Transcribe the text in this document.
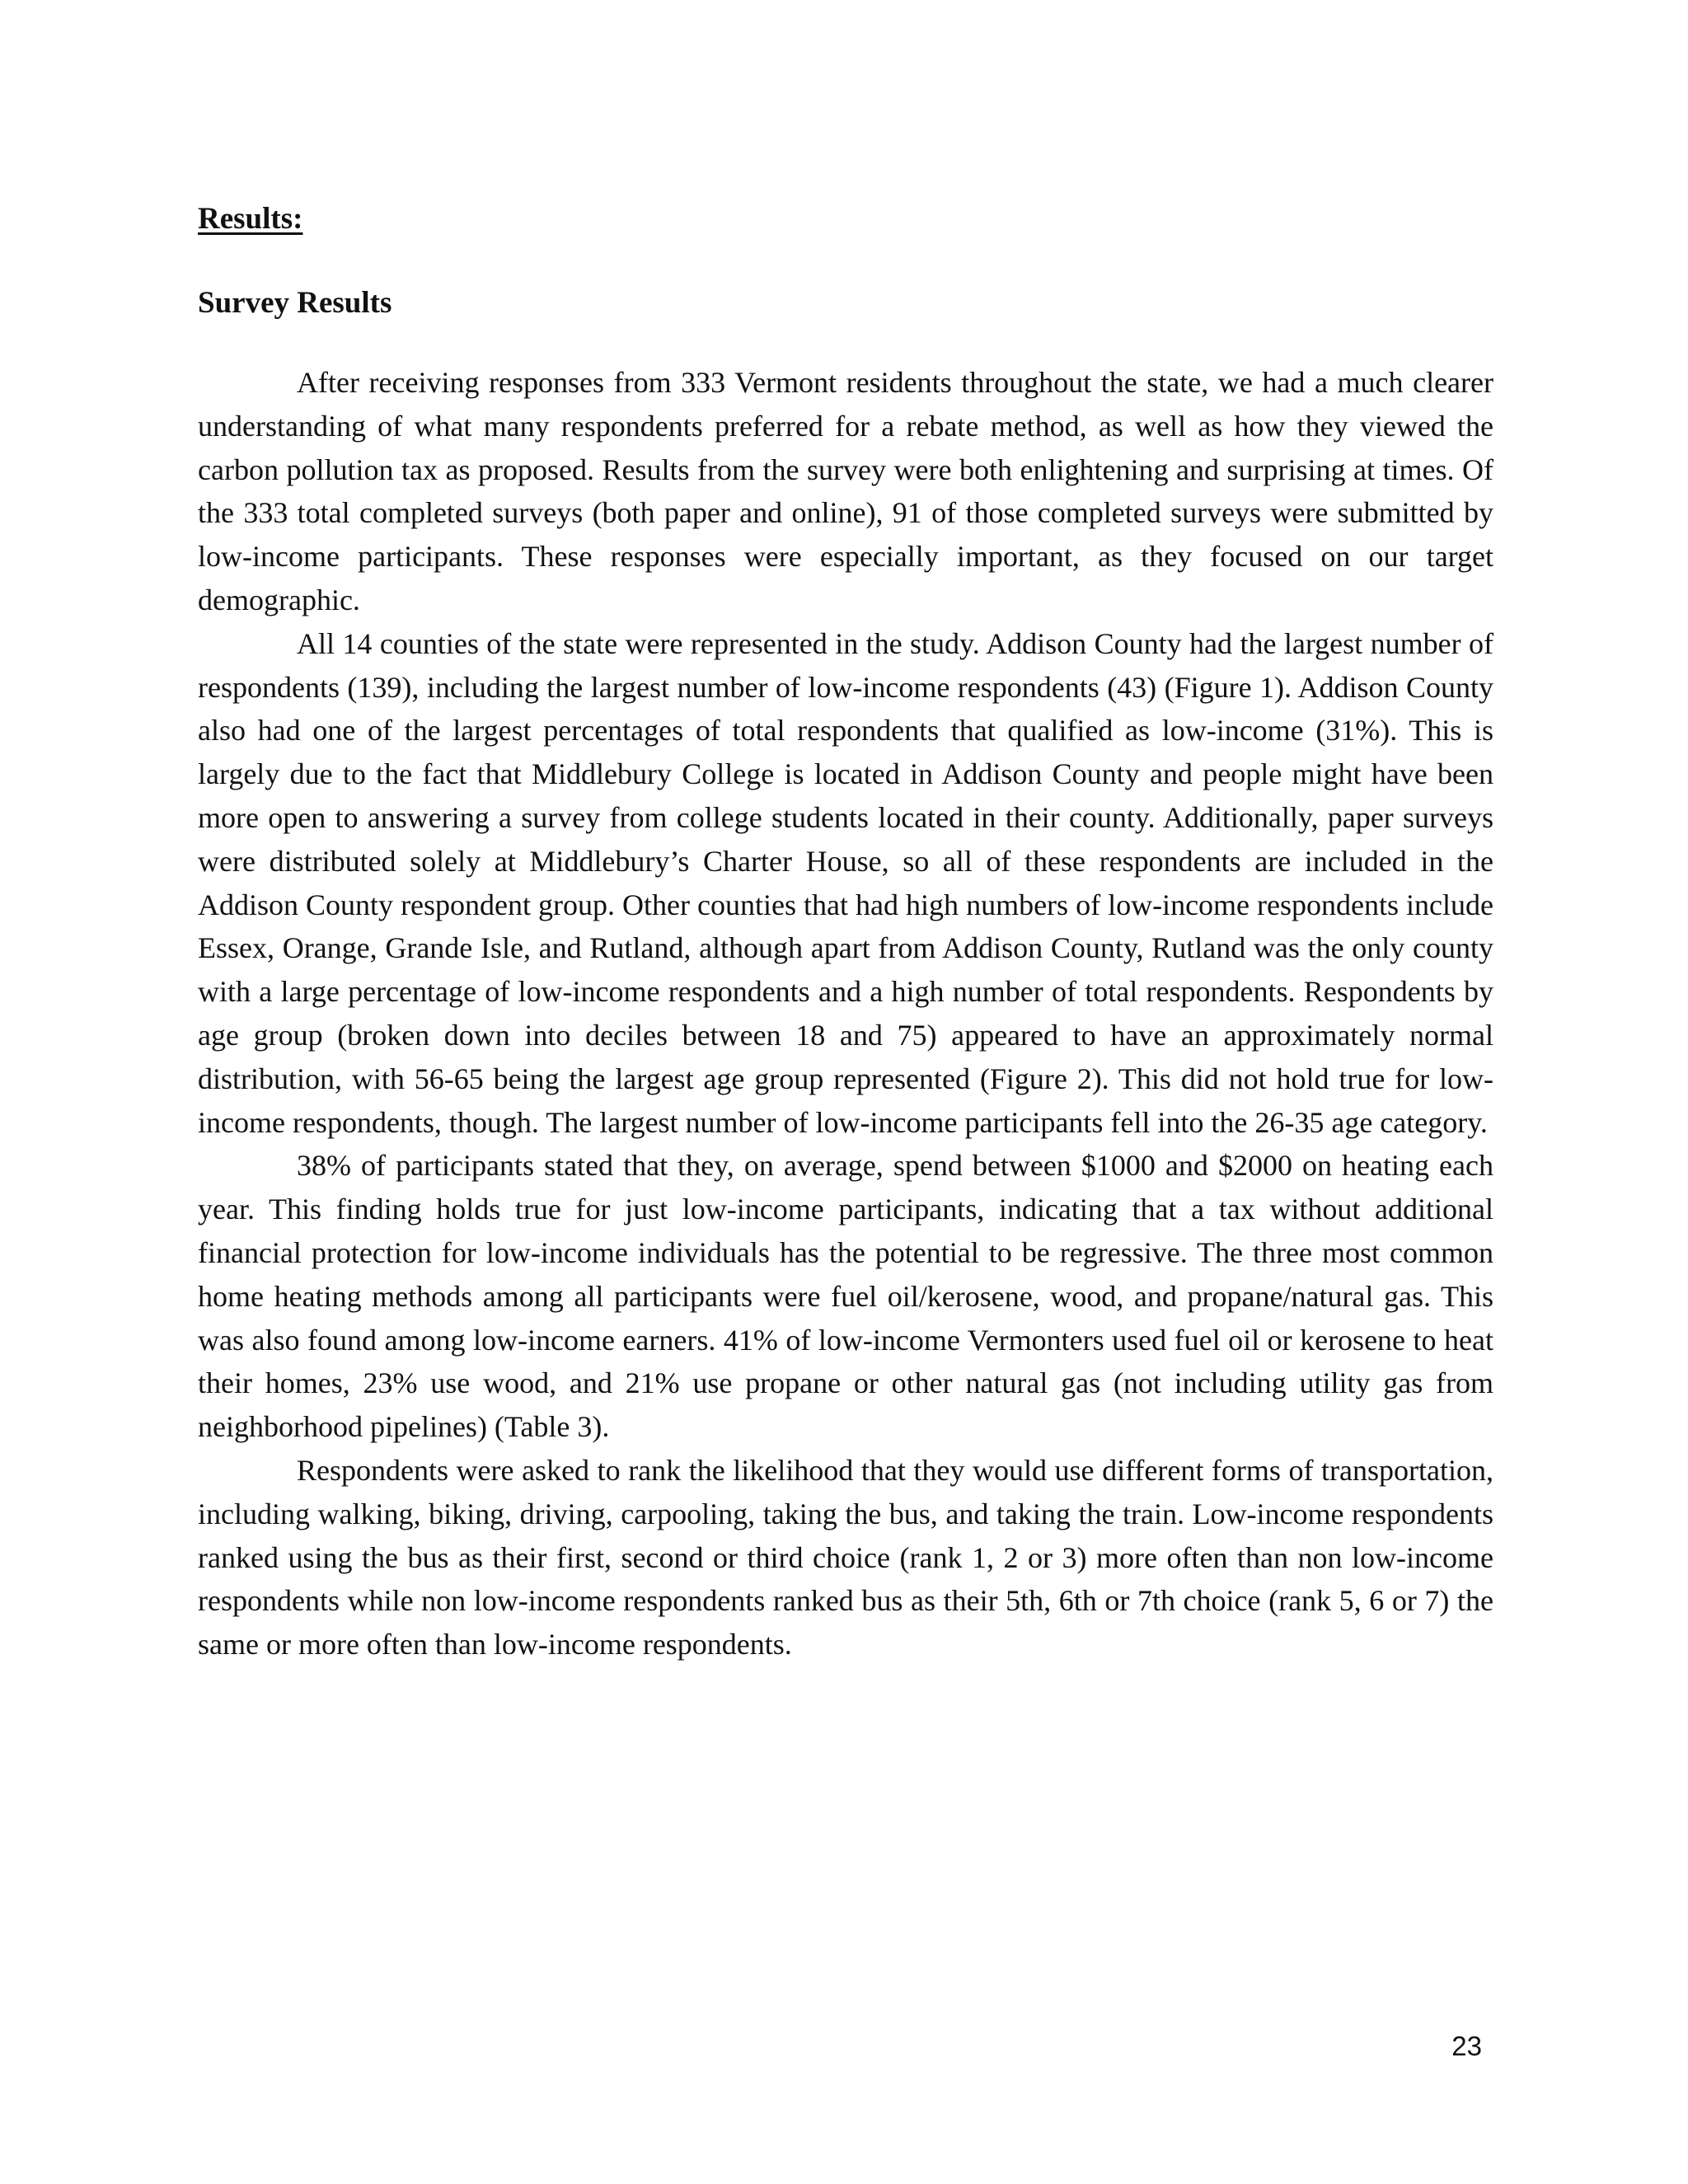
Results:
Survey Results

After receiving responses from 333 Vermont residents throughout the state, we had a much clearer understanding of what many respondents preferred for a rebate method, as well as how they viewed the carbon pollution tax as proposed. Results from the survey were both enlightening and surprising at times. Of the 333 total completed surveys (both paper and online), 91 of those completed surveys were submitted by low-income participants. These responses were especially important, as they focused on our target demographic.

All 14 counties of the state were represented in the study. Addison County had the largest number of respondents (139), including the largest number of low-income respondents (43) (Figure 1). Addison County also had one of the largest percentages of total respondents that qualified as low-income (31%). This is largely due to the fact that Middlebury College is located in Addison County and people might have been more open to answering a survey from college students located in their county. Additionally, paper surveys were distributed solely at Middlebury’s Charter House, so all of these respondents are included in the Addison County respondent group. Other counties that had high numbers of low-income respondents include Essex, Orange, Grande Isle, and Rutland, although apart from Addison County, Rutland was the only county with a large percentage of low-income respondents and a high number of total respondents. Respondents by age group (broken down into deciles between 18 and 75) appeared to have an approximately normal distribution, with 56-65 being the largest age group represented (Figure 2). This did not hold true for low-income respondents, though. The largest number of low-income participants fell into the 26-35 age category.

38% of participants stated that they, on average, spend between $1000 and $2000 on heating each year. This finding holds true for just low-income participants, indicating that a tax without additional financial protection for low-income individuals has the potential to be regressive. The three most common home heating methods among all participants were fuel oil/kerosene, wood, and propane/natural gas. This was also found among low-income earners. 41% of low-income Vermonters used fuel oil or kerosene to heat their homes, 23% use wood, and 21% use propane or other natural gas (not including utility gas from neighborhood pipelines) (Table 3).

Respondents were asked to rank the likelihood that they would use different forms of transportation, including walking, biking, driving, carpooling, taking the bus, and taking the train. Low-income respondents ranked using the bus as their first, second or third choice (rank 1, 2 or 3) more often than non low-income respondents while non low-income respondents ranked bus as their 5th, 6th or 7th choice (rank 5, 6 or 7) the same or more often than low-income respondents.

23
